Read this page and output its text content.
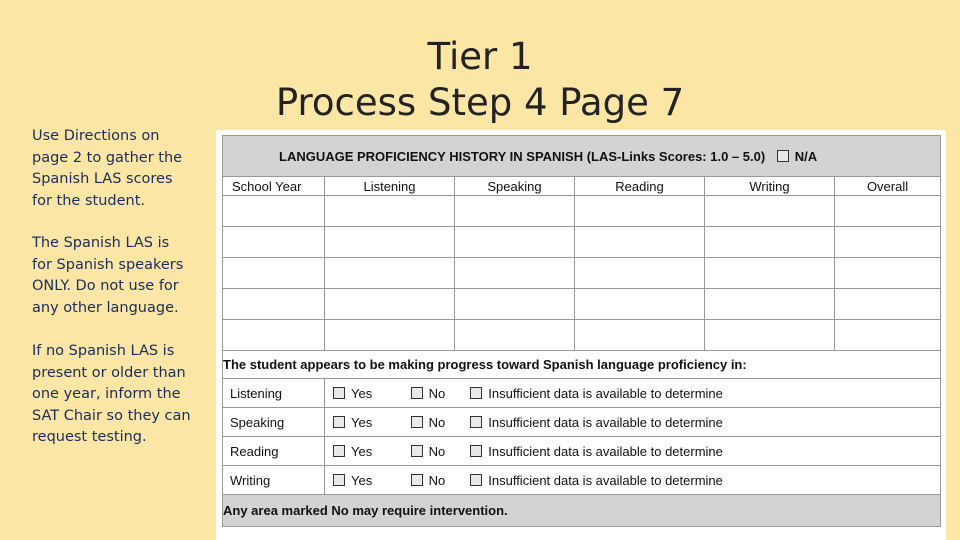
Tier 1
Process Step 4 Page 7
Use Directions on page 2 to gather the Spanish LAS scores for the student.
The Spanish LAS is for Spanish speakers ONLY. Do not use for any other language.
If no Spanish LAS is present or older than one year, inform the SAT Chair so they can request testing.
LANGUAGE PROFICIENCY HISTORY IN SPANISH (LAS-Links Scores: 1.0 – 5.0) N/A					
School Year	Listening	Speaking	Reading	Writing	Overall

The student appears to be making progress toward Spanish language proficiency in:					
Listening	Yes No Insufficient data is available to determine				
Speaking	Yes No Insufficient data is available to determine				
Reading	Yes No Insufficient data is available to determine				
Writing	Yes No Insufficient data is available to determine				
Any area marked No may require intervention.					
